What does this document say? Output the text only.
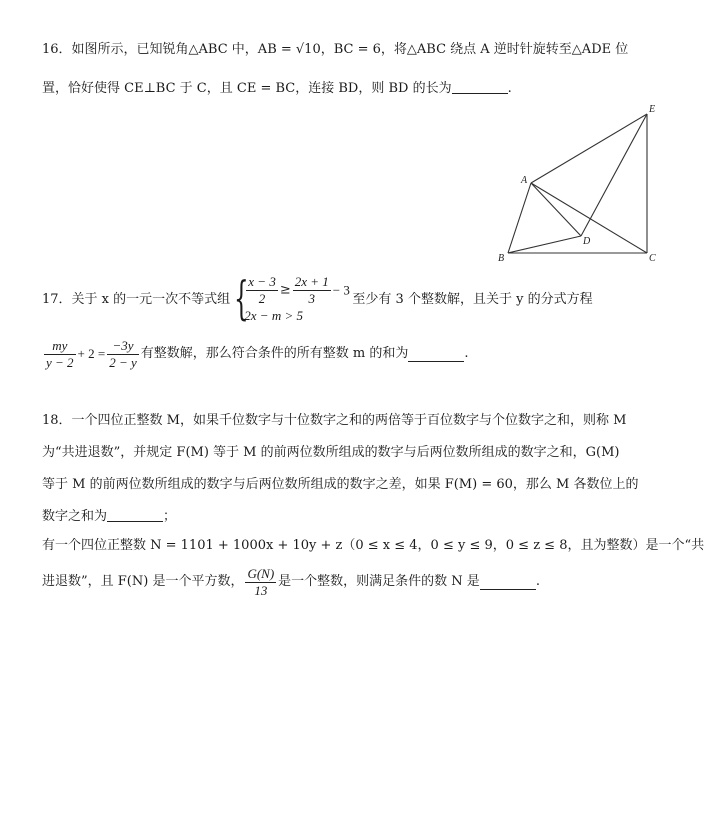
16．如图所示，已知锐角△ABC 中，AB = √10，BC = 6，将△ABC 绕点 A 逆时针旋转至△ADE 位
置，恰好使得 CE⊥BC 于 C，且 CE = BC，连接 BD，则 BD 的长为	.
A
B	C
D
E
17．关于 x 的一元一次不等式组 {
$\frac{x - 3}{2} \ge \frac{2x + 1}{3} - 3$
2x − m > 5
至少有 3 个整数解，且关于 y 的分式方程
$\frac{my}{y - 2} + 2 = \frac{-3y}{2 - y}$ 有整数解，那么符合条件的所有整数 m 的和为	.
18．一个四位正整数 M，如果千位数字与十位数字之和的两倍等于百位数字与个位数字之和，则称 M
为“共进退数”，并规定 F(M) 等于 M 的前两位数所组成的数字与后两位数所组成的数字之和，G(M)
等于 M 的前两位数所组成的数字与后两位数所组成的数字之差，如果 F(M) = 60，那么 M 各数位上的
数字之和为	；
有一个四位正整数 N = 1101 + 1000x + 10y + z（0 ≤ x ≤ 4，0 ≤ y ≤ 9，0 ≤ z ≤ 8，且为整数）是一个“共
进退数”，且 F(N) 是一个平方数， $\frac{G(N)}{13}$ 是一个整数，则满足条件的数 N 是	.
